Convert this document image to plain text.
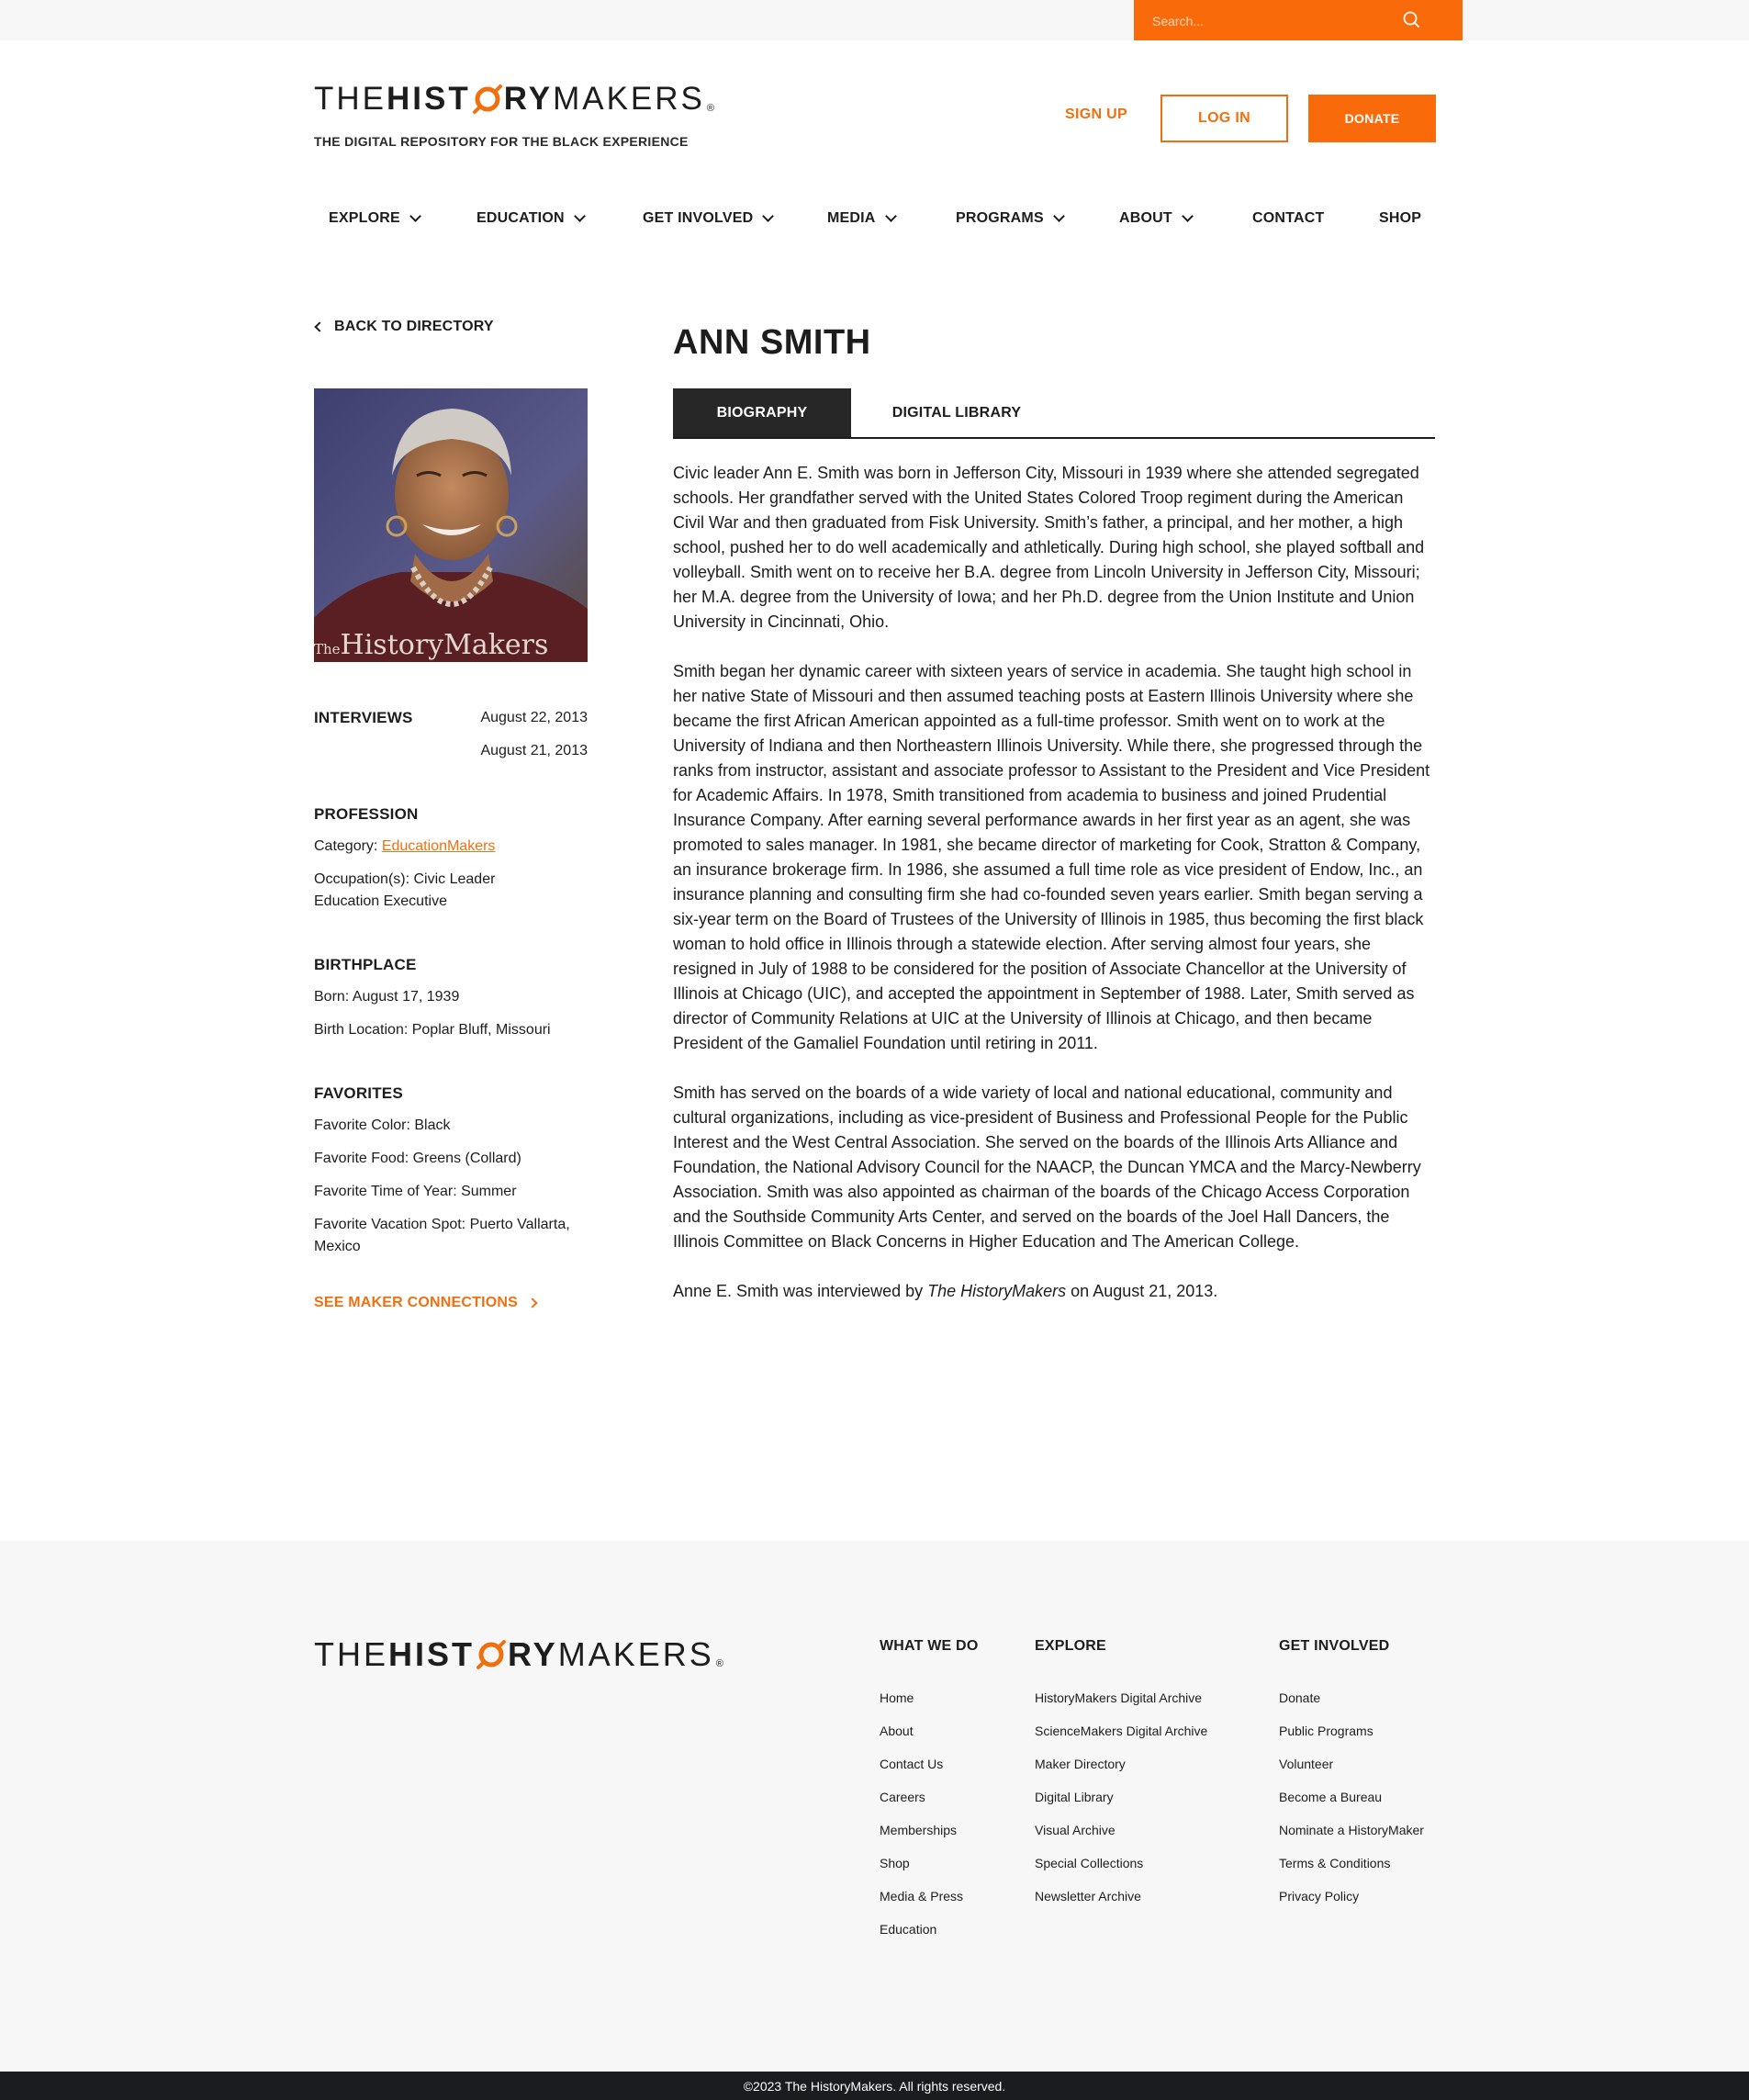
Search...
THE HIST RY MAKERS ®
THE DIGITAL REPOSITORY FOR THE BLACK EXPERIENCE
SIGN UP	LOG IN	DONATE
EXPLORE	EDUCATION	GET INVOLVED	MEDIA	PROGRAMS	ABOUT	CONTACT	SHOP
BACK TO DIRECTORY
TheHistoryMakers
INTERVIEWS	August 22, 2013
August 21, 2013
PROFESSION
Category: EducationMakers
Occupation(s): Civic Leader
Education Executive
BIRTHPLACE
Born: August 17, 1939
Birth Location: Poplar Bluff, Missouri
FAVORITES
Favorite Color: Black
Favorite Food: Greens (Collard)
Favorite Time of Year: Summer
Favorite Vacation Spot: Puerto Vallarta,
Mexico
SEE MAKER CONNECTIONS
ANN SMITH
BIOGRAPHY	DIGITAL LIBRARY

Civic leader Ann E. Smith was born in Jefferson City, Missouri in 1939 where she attended segregated schools. Her grandfather served with the United States Colored Troop regiment during the American Civil War and then graduated from Fisk University. Smith’s father, a principal, and her mother, a high school, pushed her to do well academically and athletically. During high school, she played softball and volleyball. Smith went on to receive her B.A. degree from Lincoln University in Jefferson City, Missouri; her M.A. degree from the University of Iowa; and her Ph.D. degree from the Union Institute and Union University in Cincinnati, Ohio.

Smith began her dynamic career with sixteen years of service in academia. She taught high school in her native State of Missouri and then assumed teaching posts at Eastern Illinois University where she became the first African American appointed as a full-time professor. Smith went on to work at the University of Indiana and then Northeastern Illinois University. While there, she progressed through the ranks from instructor, assistant and associate professor to Assistant to the President and Vice President for Academic Affairs. In 1978, Smith transitioned from academia to business and joined Prudential Insurance Company. After earning several performance awards in her first year as an agent, she was promoted to sales manager. In 1981, she became director of marketing for Cook, Stratton & Company, an insurance brokerage firm. In 1986, she assumed a full time role as vice president of Endow, Inc., an insurance planning and consulting firm she had co-founded seven years earlier. Smith began serving a six-year term on the Board of Trustees of the University of Illinois in 1985, thus becoming the first black woman to hold office in Illinois through a statewide election. After serving almost four years, she resigned in July of 1988 to be considered for the position of Associate Chancellor at the University of Illinois at Chicago (UIC), and accepted the appointment in September of 1988. Later, Smith served as director of Community Relations at UIC at the University of Illinois at Chicago, and then became President of the Gamaliel Foundation until retiring in 2011.

Smith has served on the boards of a wide variety of local and national educational, community and cultural organizations, including as vice-president of Business and Professional People for the Public Interest and the West Central Association. She served on the boards of the Illinois Arts Alliance and Foundation, the National Advisory Council for the NAACP, the Duncan YMCA and the Marcy-Newberry Association. Smith was also appointed as chairman of the boards of the Chicago Access Corporation and the Southside Community Arts Center, and served on the boards of the Joel Hall Dancers, the Illinois Committee on Black Concerns in Higher Education and The American College.

Anne E. Smith was interviewed by The HistoryMakers on August 21, 2013.

THE HIST RY MAKERS ®
WHAT WE DO
Home
About
Contact Us
Careers
Memberships
Shop
Media & Press
Education
EXPLORE
HistoryMakers Digital Archive
ScienceMakers Digital Archive
Maker Directory
Digital Library
Visual Archive
Special Collections
Newsletter Archive
GET INVOLVED
Donate
Public Programs
Volunteer
Become a Bureau
Nominate a HistoryMaker
Terms & Conditions
Privacy Policy
©2023 The HistoryMakers. All rights reserved.
